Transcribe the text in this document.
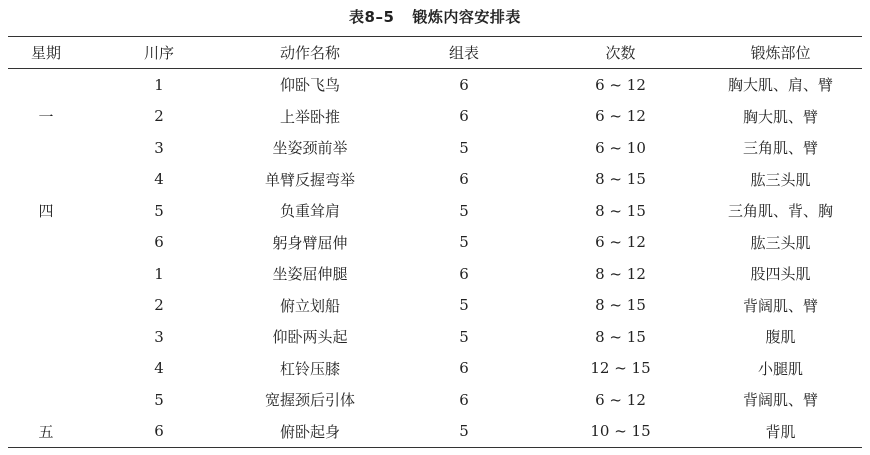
表8–5 锻炼内容安排表
星期	川序	动作名称	组表	次数	锻炼部位
	1	仰卧飞鸟	6	6 ~ 12	胸大肌、肩、臂
一	2	上举卧推	6	6 ~ 12	胸大肌、臂
	3	坐姿颈前举	5	6 ~ 10	三角肌、臂
	4	单臂反握弯举	6	8 ~ 15	肱三头肌
四	5	负重耸肩	5	8 ~ 15	三角肌、背、胸
	6	躬身臂屈伸	5	6 ~ 12	肱三头肌
	1	坐姿屈伸腿	6	8 ~ 12	股四头肌
	2	俯立划船	5	8 ~ 15	背阔肌、臂
	3	仰卧两头起	5	8 ~ 15	腹肌
	4	杠铃压膝	6	12 ~ 15	小腿肌
	5	宽握颈后引体	6	6 ~ 12	背阔肌、臂
五	6	俯卧起身	5	10 ~ 15	背肌
